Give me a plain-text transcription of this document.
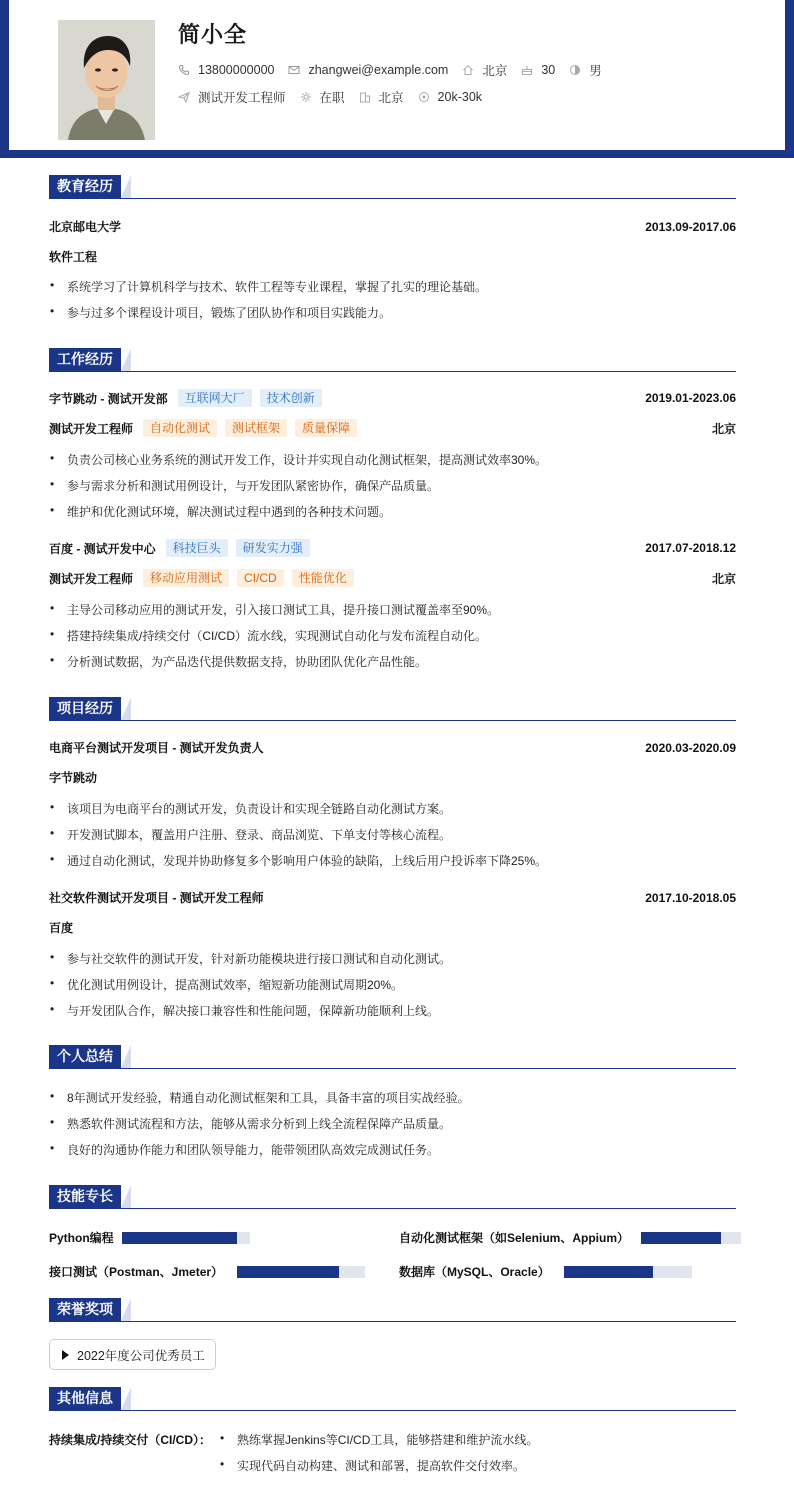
简小全
13800000000	zhangwei@example.com	北京	30	男
测试开发工程师	在职	北京	20k-30k
教育经历
北京邮电大学	2013.09-2017.06
软件工程
• 系统学习了计算机科学与技术、软件工程等专业课程，掌握了扎实的理论基础。
• 参与过多个课程设计项目，锻炼了团队协作和项目实践能力。
工作经历
字节跳动 - 测试开发部	互联网大厂	技术创新	2019.01-2023.06
测试开发工程师	自动化测试	测试框架	质量保障	北京
• 负责公司核心业务系统的测试开发工作，设计并实现自动化测试框架，提高测试效率30%。
• 参与需求分析和测试用例设计，与开发团队紧密协作，确保产品质量。
• 维护和优化测试环境，解决测试过程中遇到的各种技术问题。
百度 - 测试开发中心	科技巨头	研发实力强	2017.07-2018.12
测试开发工程师	移动应用测试	CI/CD	性能优化	北京
• 主导公司移动应用的测试开发，引入接口测试工具，提升接口测试覆盖率至90%。
• 搭建持续集成/持续交付（CI/CD）流水线，实现测试自动化与发布流程自动化。
• 分析测试数据，为产品迭代提供数据支持，协助团队优化产品性能。
项目经历
电商平台测试开发项目 - 测试开发负责人	2020.03-2020.09
字节跳动
• 该项目为电商平台的测试开发，负责设计和实现全链路自动化测试方案。
• 开发测试脚本，覆盖用户注册、登录、商品浏览、下单支付等核心流程。
• 通过自动化测试，发现并协助修复多个影响用户体验的缺陷，上线后用户投诉率下降25%。
社交软件测试开发项目 - 测试开发工程师	2017.10-2018.05
百度
• 参与社交软件的测试开发，针对新功能模块进行接口测试和自动化测试。
• 优化测试用例设计，提高测试效率，缩短新功能测试周期20%。
• 与开发团队合作，解决接口兼容性和性能问题，保障新功能顺利上线。
个人总结
• 8年测试开发经验，精通自动化测试框架和工具，具备丰富的项目实战经验。
• 熟悉软件测试流程和方法，能够从需求分析到上线全流程保障产品质量。
• 良好的沟通协作能力和团队领导能力，能带领团队高效完成测试任务。
技能专长
Python编程	自动化测试框架（如Selenium、Appium）
接口测试（Postman、Jmeter）	数据库（MySQL、Oracle）
荣誉奖项
2022年度公司优秀员工
其他信息
持续集成/持续交付（CI/CD）：
•	熟练掌握Jenkins等CI/CD工具，能够搭建和维护流水线。
• 实现代码自动构建、测试和部署，提高软件交付效率。
